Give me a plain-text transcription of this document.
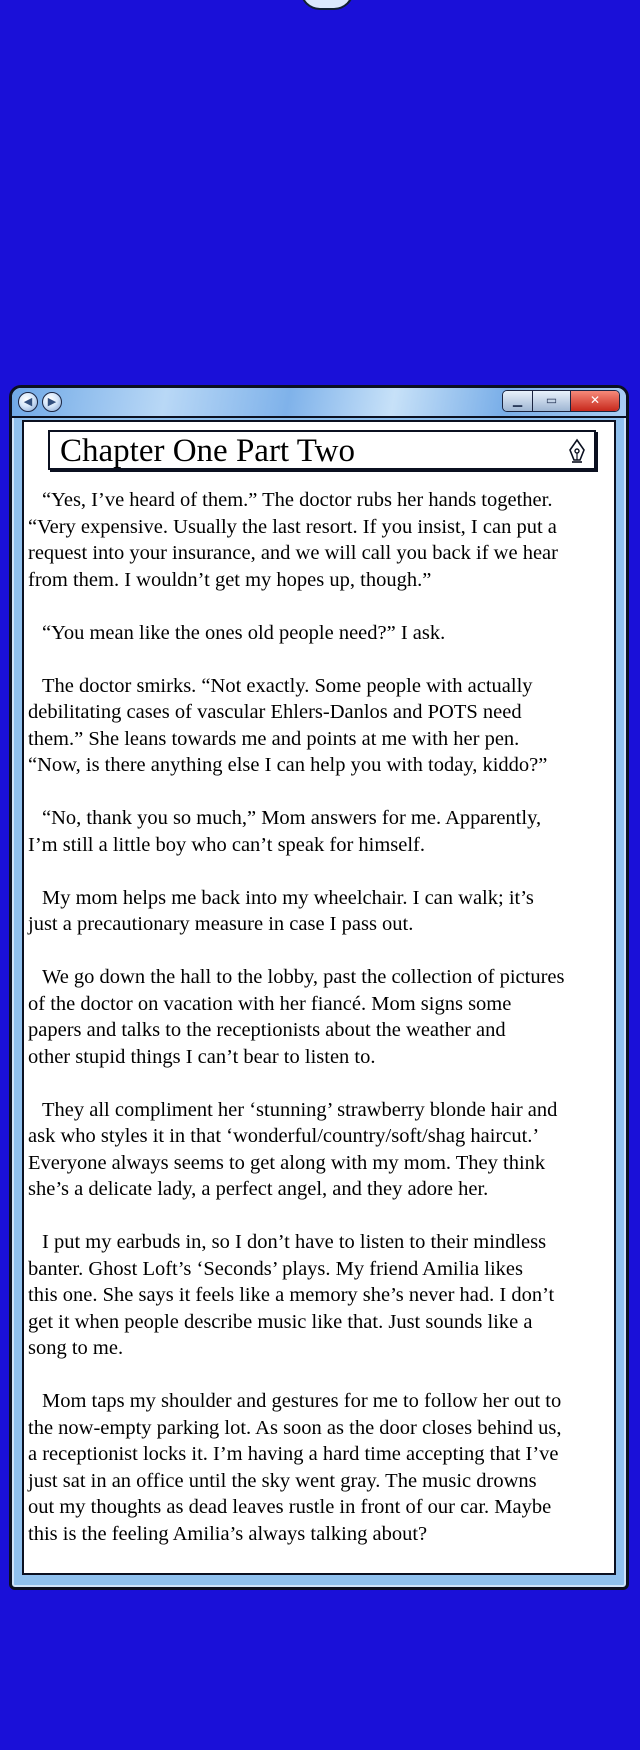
◀	▶	▁	▭	✕
Chapter One Part Two

“Yes, I’ve heard of them.” The doctor rubs her hands together.
“Very expensive. Usually the last resort. If you insist, I can put a
request into your insurance, and we will call you back if we hear
from them. I wouldn’t get my hopes up, though.”

“You mean like the ones old people need?” I ask.

The doctor smirks. “Not exactly. Some people with actually
debilitating cases of vascular Ehlers-Danlos and POTS need
them.” She leans towards me and points at me with her pen.
“Now, is there anything else I can help you with today, kiddo?”

“No, thank you so much,” Mom answers for me. Apparently,
I’m still a little boy who can’t speak for himself.

My mom helps me back into my wheelchair. I can walk; it’s
just a precautionary measure in case I pass out.

We go down the hall to the lobby, past the collection of pictures
of the doctor on vacation with her fiancé. Mom signs some
papers and talks to the receptionists about the weather and
other stupid things I can’t bear to listen to.

They all compliment her ‘stunning’ strawberry blonde hair and
ask who styles it in that ‘wonderful/country/soft/shag haircut.’
Everyone always seems to get along with my mom. They think
she’s a delicate lady, a perfect angel, and they adore her.

I put my earbuds in, so I don’t have to listen to their mindless
banter. Ghost Loft’s ‘Seconds’ plays. My friend Amilia likes
this one. She says it feels like a memory she’s never had. I don’t
get it when people describe music like that. Just sounds like a
song to me.

Mom taps my shoulder and gestures for me to follow her out to
the now-empty parking lot. As soon as the door closes behind us,
a receptionist locks it. I’m having a hard time accepting that I’ve
just sat in an office until the sky went gray. The music drowns
out my thoughts as dead leaves rustle in front of our car. Maybe
this is the feeling Amilia’s always talking about?
